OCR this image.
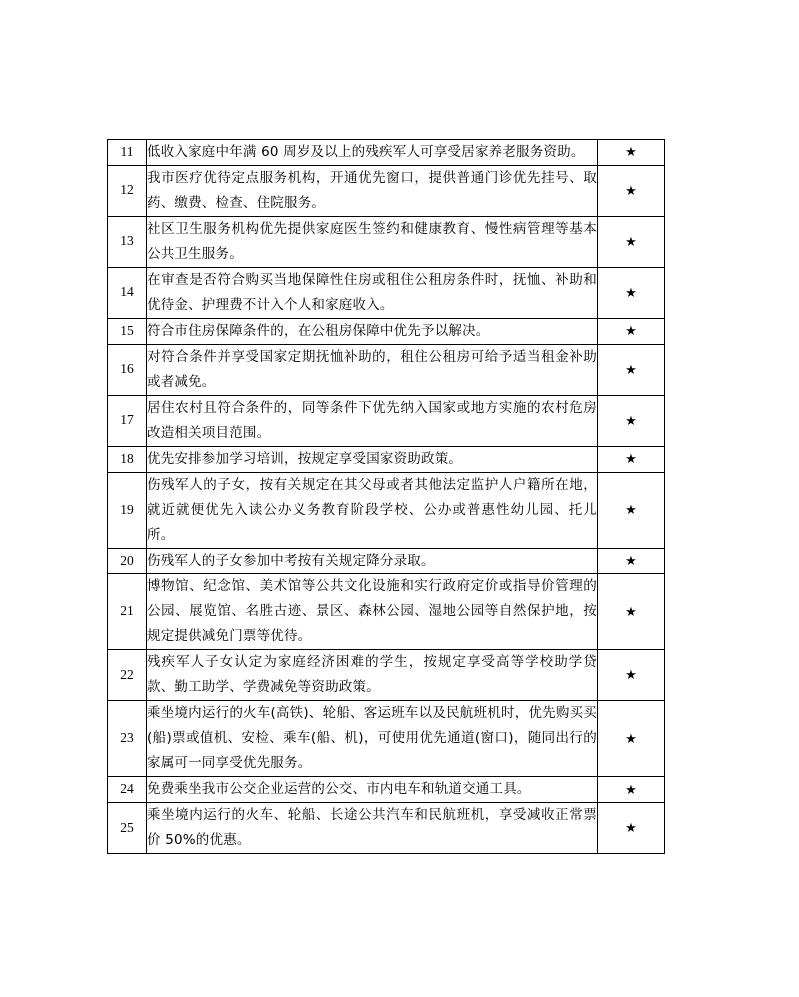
11	低收入家庭中年满 60 周岁及以上的残疾军人可享受居家养老服务资助。	★
12	我市医疗优待定点服务机构，开通优先窗口，提供普通门诊优先挂号、取药、缴费、检查、住院服务。	★
13	社区卫生服务机构优先提供家庭医生签约和健康教育、慢性病管理等基本公共卫生服务。	★
14	在审查是否符合购买当地保障性住房或租住公租房条件时，抚恤、补助和优待金、护理费不计入个人和家庭收入。	★
15	符合市住房保障条件的，在公租房保障中优先予以解决。	★
16	对符合条件并享受国家定期抚恤补助的，租住公租房可给予适当租金补助或者减免。	★
17	居住农村且符合条件的，同等条件下优先纳入国家或地方实施的农村危房改造相关项目范围。	★
18	优先安排参加学习培训，按规定享受国家资助政策。	★
19	伤残军人的子女，按有关规定在其父母或者其他法定监护人户籍所在地，就近就便优先入读公办义务教育阶段学校、公办或普惠性幼儿园、托儿所。	★
20	伤残军人的子女参加中考按有关规定降分录取。	★
21	博物馆、纪念馆、美术馆等公共文化设施和实行政府定价或指导价管理的公园、展览馆、名胜古迹、景区、森林公园、湿地公园等自然保护地，按规定提供减免门票等优待。	★
22	残疾军人子女认定为家庭经济困难的学生，按规定享受高等学校助学贷款、勤工助学、学费减免等资助政策。	★
23	乘坐境内运行的火车(高铁)、轮船、客运班车以及民航班机时，优先购买买(船)票或值机、安检、乘车(船、机)，可使用优先通道(窗口)，随同出行的家属可一同享受优先服务。	★
24	免费乘坐我市公交企业运营的公交、市内电车和轨道交通工具。	★
25	乘坐境内运行的火车、轮船、长途公共汽车和民航班机，享受减收正常票价 50%的优惠。	★
